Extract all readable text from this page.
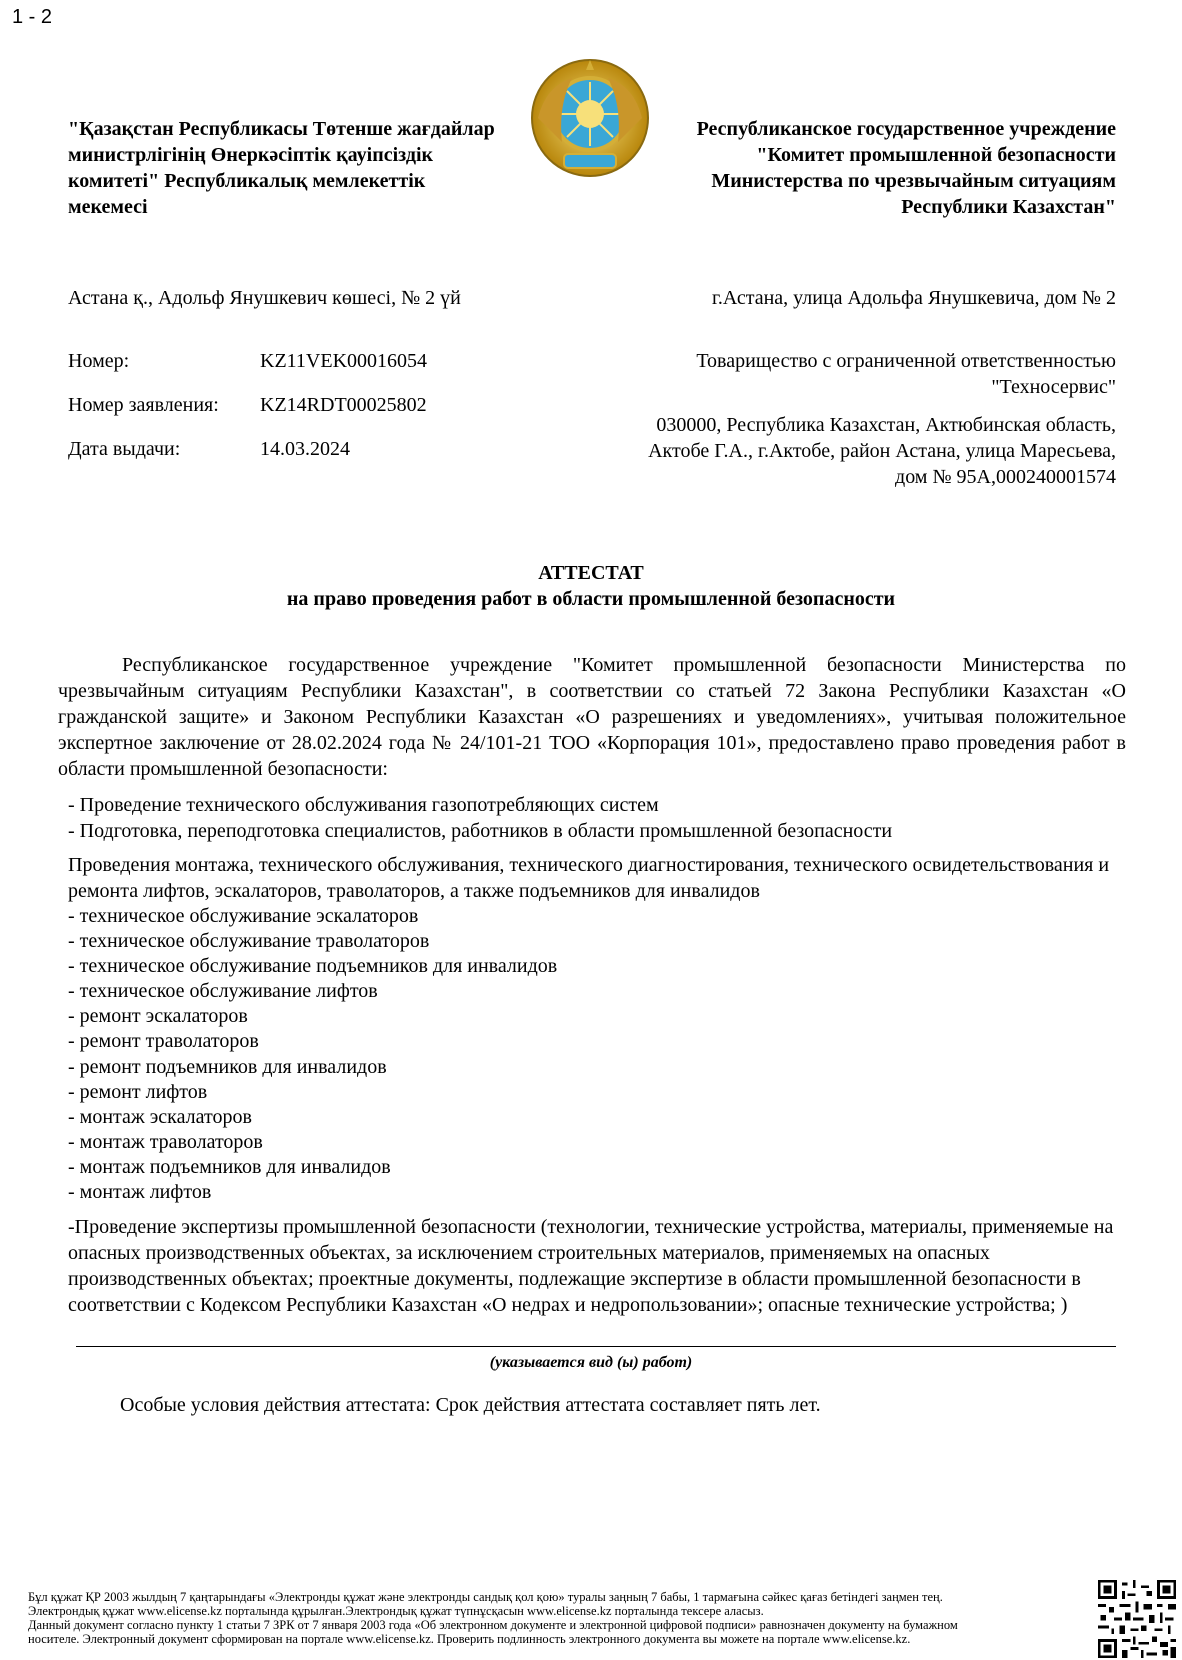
1 - 2
"Қазақстан Республикасы Төтенше жағдайлар министрлігінің Өнеркәсіптік қауіпсіздік комитеті" Республикалық мемлекеттік мекемесі
Республиканское государственное учреждение "Комитет промышленной безопасности Министерства по чрезвычайным ситуациям Республики Казахстан"
Астана қ., Адольф Янушкевич көшесі, № 2 үй	г.Астана, улица Адольфа Янушкевича, дом № 2
Номер:	KZ11VEK00016054
Номер заявления:	KZ14RDT00025802
Дата выдачи:	14.03.2024
Товарищество с ограниченной ответственностью "Техносервис"
030000, Республика Казахстан, Актюбинская область, Актобе Г.А., г.Актобе, район Астана, улица Маресьева, дом № 95А,000240001574
АТТЕСТАТ
на право проведения работ в области промышленной безопасности

Республиканское государственное учреждение "Комитет промышленной безопасности Министерства по чрезвычайным ситуациям Республики Казахстан", в соответствии со статьей 72 Закона Республики Казахстан «О гражданской защите» и Законом Республики Казахстан «О разрешениях и уведомлениях», учитывая положительное экспертное заключение от 28.02.2024 года № 24/101-21 ТОО «Корпорация 101», предоставлено право проведения работ в области промышленной безопасности:

- Проведение технического обслуживания газопотребляющих систем
- Подготовка, переподготовка специалистов, работников в области промышленной безопасности
Проведения монтажа, технического обслуживания, технического диагностирования, технического освидетельствования и ремонта лифтов, эскалаторов, траволаторов, а также подъемников для инвалидов
- техническое обслуживание эскалаторов
- техническое обслуживание траволаторов
- техническое обслуживание подъемников для инвалидов
- техническое обслуживание лифтов
- ремонт эскалаторов
- ремонт траволаторов
- ремонт подъемников для инвалидов
- ремонт лифтов
- монтаж эскалаторов
- монтаж траволаторов
- монтаж подъемников для инвалидов
- монтаж лифтов
-Проведение экспертизы промышленной безопасности (технологии, технические устройства, материалы, применяемые на опасных производственных объектах, за исключением строительных материалов, применяемых на опасных производственных объектах; проектные документы, подлежащие экспертизе в области промышленной безопасности в соответствии с Кодексом Республики Казахстан «О недрах и недропользовании»; опасные технические устройства; )
(указывается вид (ы) работ)
Особые условия действия аттестата: Срок действия аттестата составляет пять лет.
Бұл құжат ҚР 2003 жылдың 7 қаңтарындағы «Электронды құжат және электронды сандық қол қою» туралы заңның 7 бабы, 1 тармағына сәйкес қағаз бетіндегі заңмен тең.
Электрондық құжат www.elicense.kz порталында құрылған.Электрондық құжат түпнұсқасын www.elicense.kz порталында тексере аласыз.
Данный документ согласно пункту 1 статьи 7 ЗРК от 7 января 2003 года «Об электронном документе и электронной цифровой подписи» равнозначен документу на бумажном
носителе. Электронный документ сформирован на портале www.elicense.kz. Проверить подлинность электронного документа вы можете на портале www.elicense.kz.
